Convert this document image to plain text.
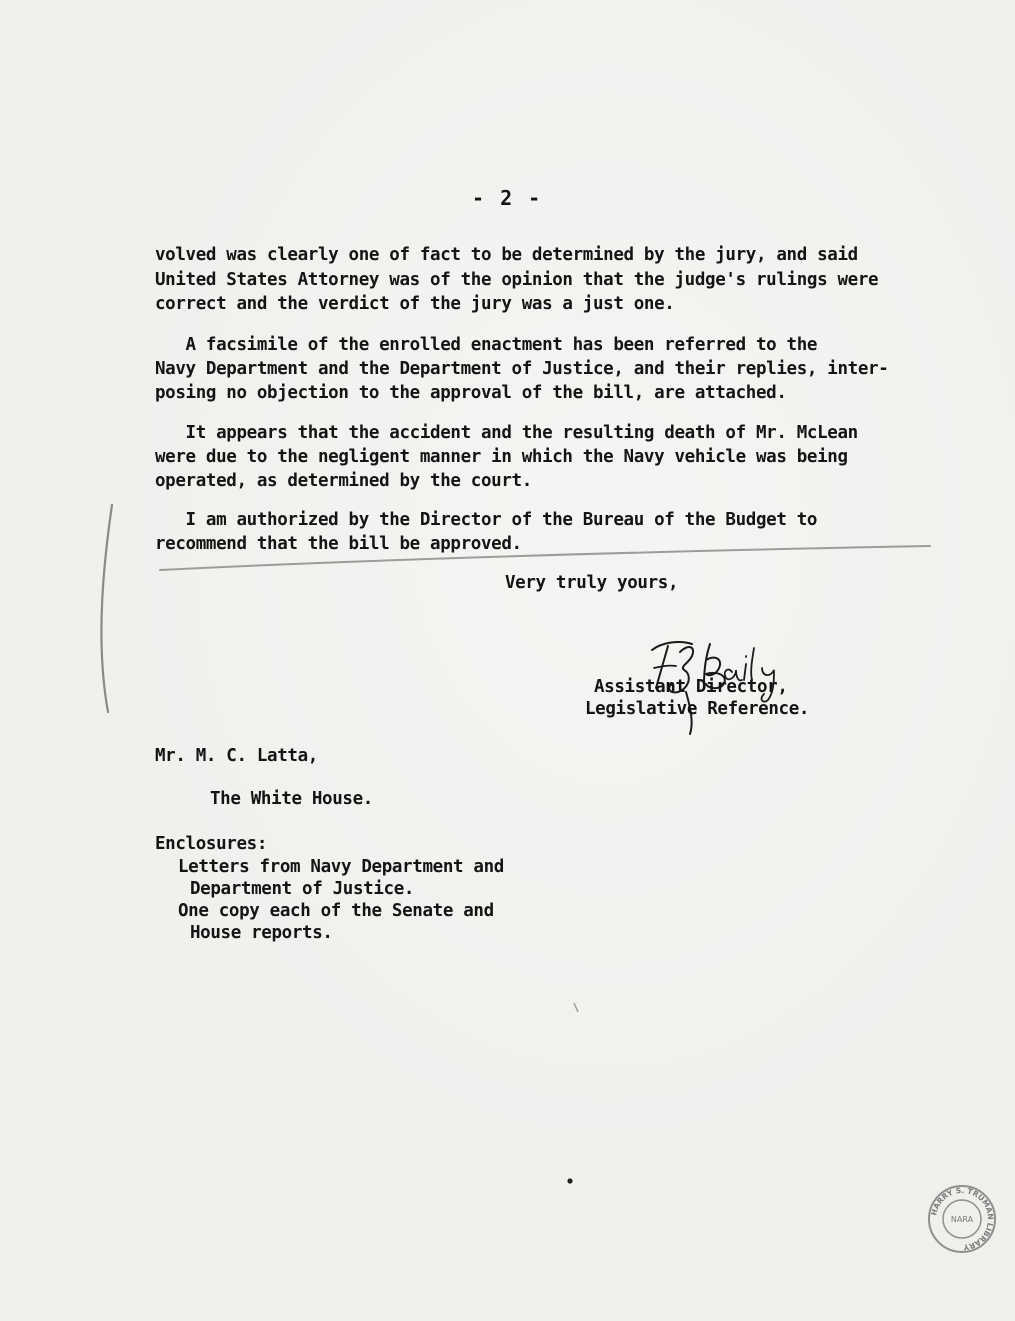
- 2 -
volved was clearly one of fact to be determined by the jury, and said
United States Attorney was of the opinion that the judge's rulings were
correct and the verdict of the jury was a just one.
A facsimile of the enrolled enactment has been referred to the
Navy Department and the Department of Justice, and their replies, inter-
posing no objection to the approval of the bill, are attached.
It appears that the accident and the resulting death of Mr. McLean
were due to the negligent manner in which the Navy vehicle was being
operated, as determined by the court.
I am authorized by the Director of the Bureau of the Budget to
recommend that the bill be approved.
Very truly yours,
Assistant Director,
Legislative Reference.
Mr. M. C. Latta,
The White House.
Enclosures:
Letters from Navy Department and
Department of Justice.
One copy each of the Senate and
House reports.
HARRY S. TRUMAN LIBRARY
NARA
